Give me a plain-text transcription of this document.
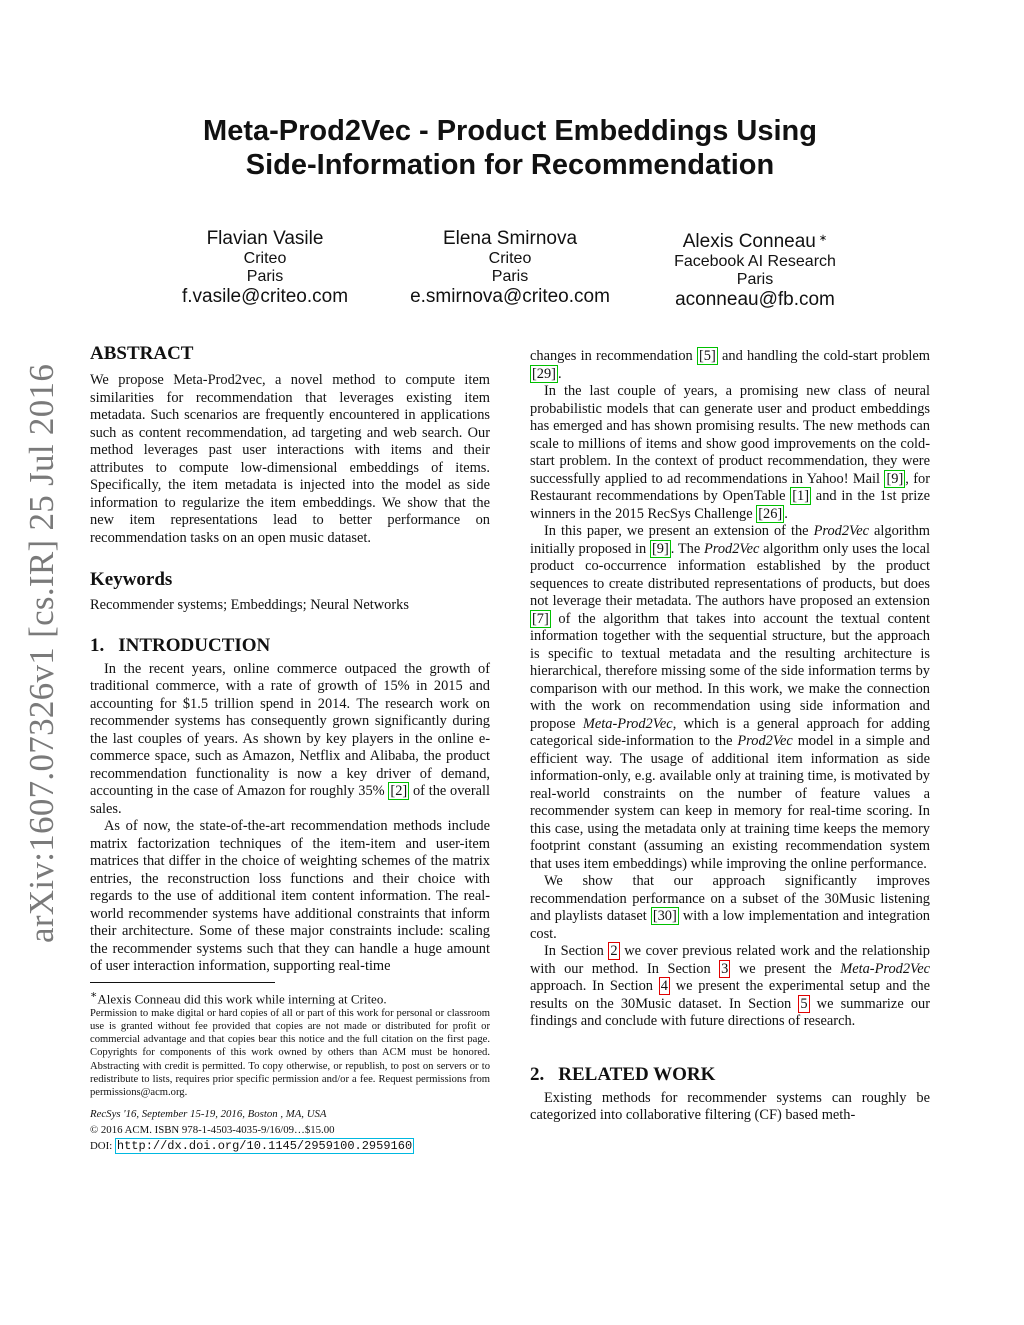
arXiv:1607.07326v1 [cs.IR] 25 Jul 2016
Meta-Prod2Vec - Product Embeddings Using
Side-Information for Recommendation
Flavian Vasile
Criteo
Paris
f.vasile@criteo.com
Elena Smirnova
Criteo
Paris
e.smirnova@criteo.com
Alexis Conneau ∗
Facebook AI Research
Paris
aconneau@fb.com
ABSTRACT

We propose Meta-Prod2vec, a novel method to compute item similarities for recommendation that leverages existing item metadata. Such scenarios are frequently encountered in applications such as content recommendation, ad targeting and web search. Our method leverages past user interactions with items and their attributes to compute low-dimensional embeddings of items. Specifically, the item metadata is injected into the model as side information to regularize the item embeddings. We show that the new item representations lead to better performance on recommendation tasks on an open music dataset.

Keywords

Recommender systems; Embeddings; Neural Networks

1. INTRODUCTION

In the recent years, online commerce outpaced the growth of traditional commerce, with a rate of growth of 15% in 2015 and accounting for $1.5 trillion spend in 2014. The research work on recommender systems has consequently grown significantly during the last couples of years. As shown by key players in the online e-commerce space, such as Amazon, Netflix and Alibaba, the product recommendation functionality is now a key driver of demand, accounting in the case of Amazon for roughly 35% [2] of the overall sales.

As of now, the state-of-the-art recommendation methods include matrix factorization techniques of the item-item and user-item matrices that differ in the choice of weighting schemes of the matrix entries, the reconstruction loss functions and their choice with regards to the use of additional item content information. The real-world recommender systems have additional constraints that inform their architecture. Some of these major constraints include: scaling the recommender systems such that they can handle a huge amount of user interaction information, supporting real-time

∗Alexis Conneau did this work while interning at Criteo.

Permission to make digital or hard copies of all or part of this work for personal or classroom use is granted without fee provided that copies are not made or distributed for profit or commercial advantage and that copies bear this notice and the full citation on the first page. Copyrights for components of this work owned by others than ACM must be honored. Abstracting with credit is permitted. To copy otherwise, or republish, to post on servers or to redistribute to lists, requires prior specific permission and/or a fee. Request permissions from permissions@acm.org.

RecSys '16, September 15-19, 2016, Boston , MA, USA
© 2016 ACM. ISBN 978-1-4503-4035-9/16/09…$15.00
DOI: http://dx.doi.org/10.1145/2959100.2959160

changes in recommendation [5] and handling the cold-start problem [29] .

In the last couple of years, a promising new class of neural probabilistic models that can generate user and product embeddings has emerged and has shown promising results. The new methods can scale to millions of items and show good improvements on the cold-start problem. In the context of product recommendation, they were successfully applied to ad recommendations in Yahoo! Mail [9] , for Restaurant recommendations by OpenTable [1] and in the 1st prize winners in the 2015 RecSys Challenge [26] .

In this paper, we present an extension of the Prod2Vec algorithm initially proposed in [9] . The Prod2Vec algorithm only uses the local product co-occurrence information established by the product sequences to create distributed representations of products, but does not leverage their metadata. The authors have proposed an extension [7] of the algorithm that takes into account the textual content information together with the sequential structure, but the approach is specific to textual metadata and the resulting architecture is hierarchical, therefore missing some of the side information terms by comparison with our method. In this work, we make the connection with the work on recommendation using side information and propose Meta-Prod2Vec, which is a general approach for adding categorical side-information to the Prod2Vec model in a simple and efficient way. The usage of additional item information as side information-only, e.g. available only at training time, is motivated by real-world constraints on the number of feature values a recommender system can keep in memory for real-time scoring. In this case, using the metadata only at training time keeps the memory footprint constant (assuming an existing recommendation system that uses item embeddings) while improving the online performance.

We show that our approach significantly improves recommendation performance on a subset of the 30Music listening and playlists dataset [30] with a low implementation and integration cost.

In Section 2 we cover previous related work and the relationship with our method. In Section 3 we present the Meta-Prod2Vec approach. In Section 4 we present the experimental setup and the results on the 30Music dataset. In Section 5 we summarize our findings and conclude with future directions of research.

2. RELATED WORK

Existing methods for recommender systems can roughly be categorized into collaborative filtering (CF) based meth-
